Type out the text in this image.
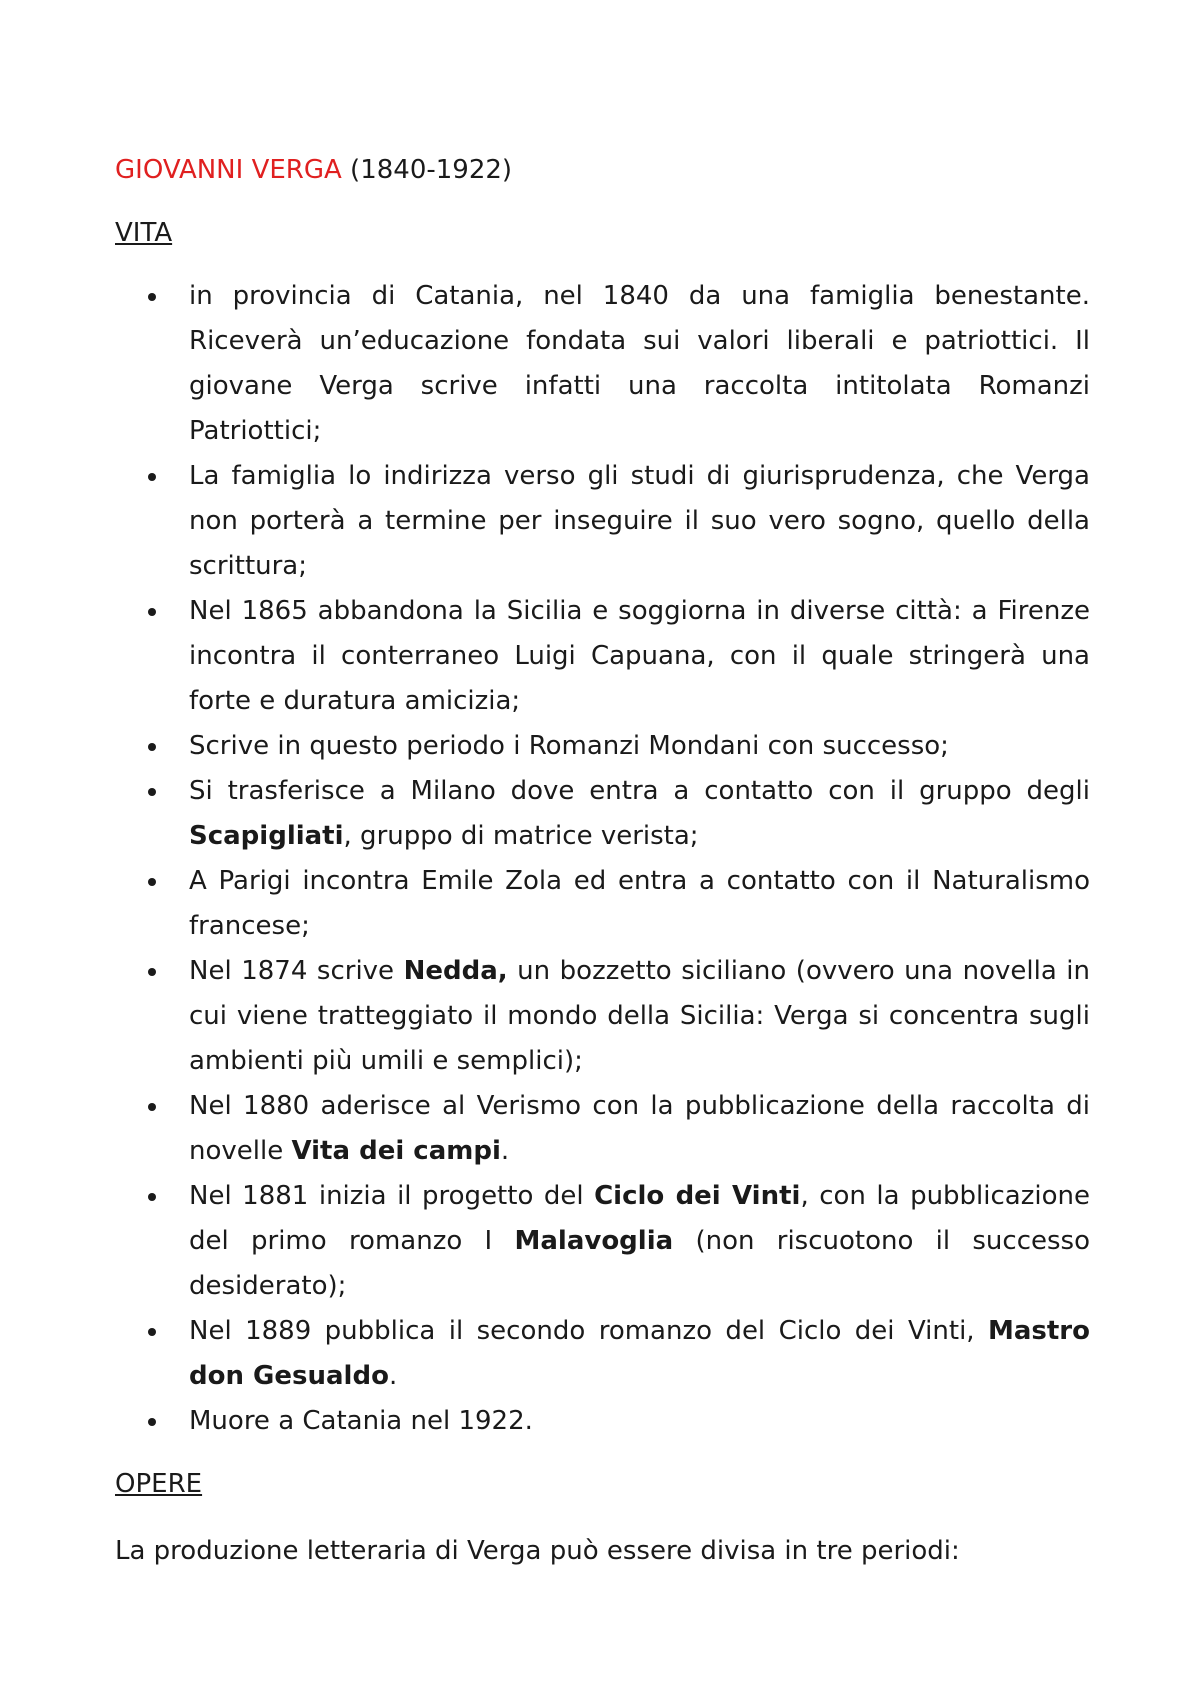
GIOVANNI VERGA (1840-1922)
VITA
in provincia di Catania, nel 1840 da una famiglia benestante. Riceverà un’educazione fondata sui valori liberali e patriottici. Il giovane Verga scrive infatti una raccolta intitolata Romanzi Patriottici;
La famiglia lo indirizza verso gli studi di giurisprudenza, che Verga non porterà a termine per inseguire il suo vero sogno, quello della scrittura;
Nel 1865 abbandona la Sicilia e soggiorna in diverse città: a Firenze incontra il conterraneo Luigi Capuana, con il quale stringerà una forte e duratura amicizia;
Scrive in questo periodo i Romanzi Mondani con successo;
Si trasferisce a Milano dove entra a contatto con il gruppo degli Scapigliati, gruppo di matrice verista;
A Parigi incontra Emile Zola ed entra a contatto con il Naturalismo francese;
Nel 1874 scrive Nedda, un bozzetto siciliano (ovvero una novella in cui viene tratteggiato il mondo della Sicilia: Verga si concentra sugli ambienti più umili e semplici);
Nel 1880 aderisce al Verismo con la pubblicazione della raccolta di novelle Vita dei campi.
Nel 1881 inizia il progetto del Ciclo dei Vinti, con la pubblicazione del primo romanzo I Malavoglia (non riscuotono il successo desiderato);
Nel 1889 pubblica il secondo romanzo del Ciclo dei Vinti, Mastro don Gesualdo.
Muore a Catania nel 1922.
OPERE

La produzione letteraria di Verga può essere divisa in tre periodi:
